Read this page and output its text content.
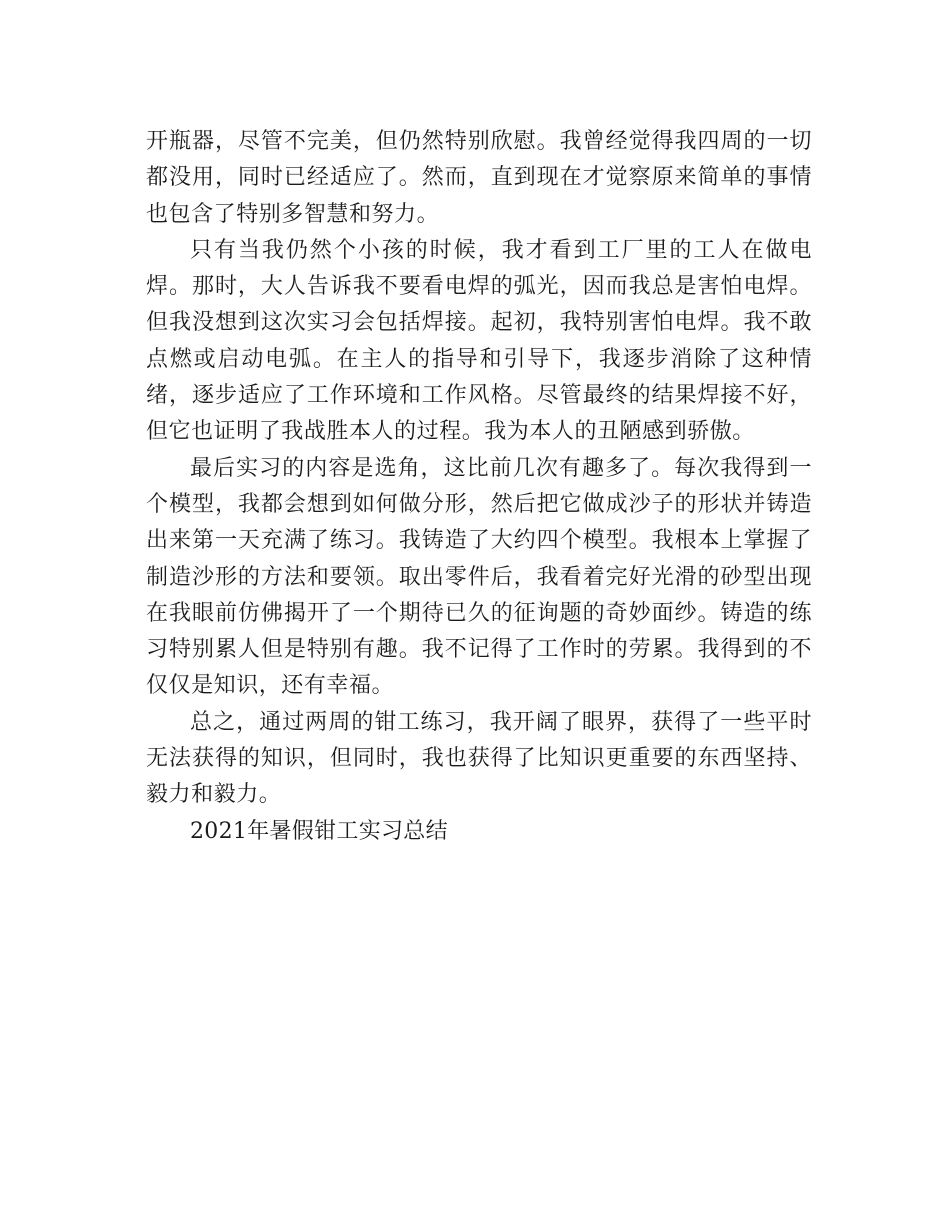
开瓶器，尽管不完美，但仍然特别欣慰。我曾经觉得我四周的一切都没用，同时已经适应了。然而，直到现在才觉察原来简单的事情也包含了特别多智慧和努力。

只有当我仍然个小孩的时候，我才看到工厂里的工人在做电焊。那时，大人告诉我不要看电焊的弧光，因而我总是害怕电焊。但我没想到这次实习会包括焊接。起初，我特别害怕电焊。我不敢点燃或启动电弧。在主人的指导和引导下，我逐步消除了这种情绪，逐步适应了工作环境和工作风格。尽管最终的结果焊接不好，但它也证明了我战胜本人的过程。我为本人的丑陋感到骄傲。

最后实习的内容是选角，这比前几次有趣多了。每次我得到一个模型，我都会想到如何做分形，然后把它做成沙子的形状并铸造出来第一天充满了练习。我铸造了大约四个模型。我根本上掌握了制造沙形的方法和要领。取出零件后，我看着完好光滑的砂型出现在我眼前仿佛揭开了一个期待已久的征询题的奇妙面纱。铸造的练习特别累人但是特别有趣。我不记得了工作时的劳累。我得到的不仅仅是知识，还有幸福。

总之，通过两周的钳工练习，我开阔了眼界，获得了一些平时无法获得的知识，但同时，我也获得了比知识更重要的东西坚持、毅力和毅力。

2021年暑假钳工实习总结
